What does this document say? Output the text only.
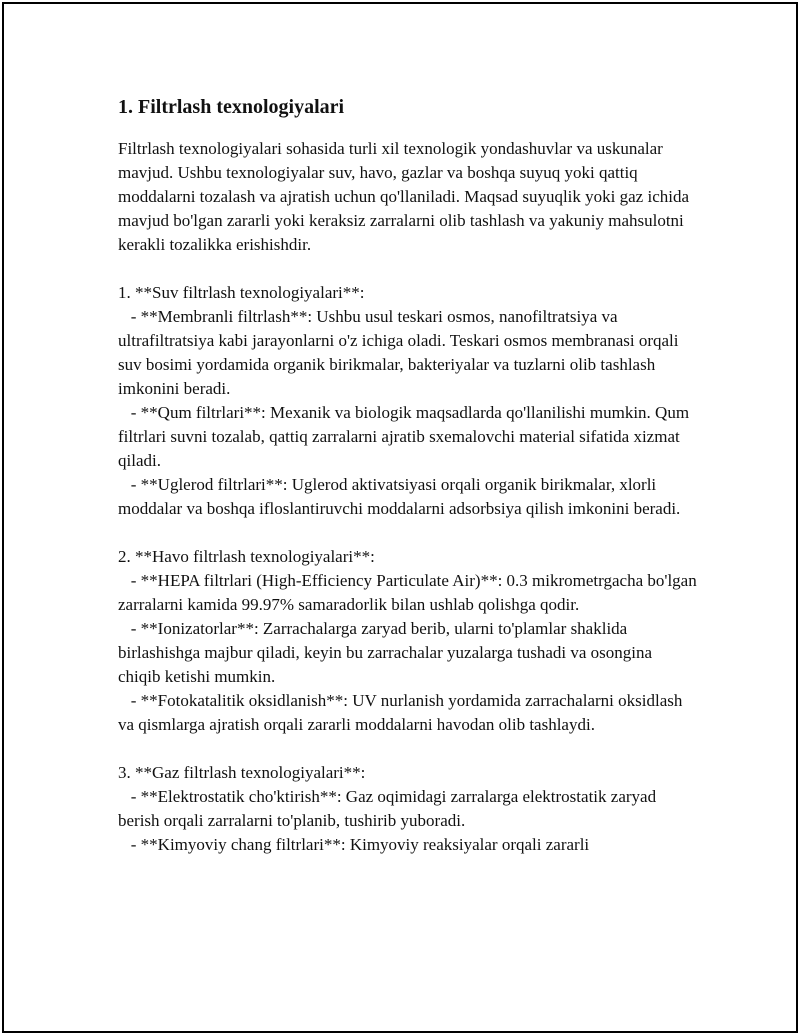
1. Filtrlash texnologiyalari

Filtrlash texnologiyalari sohasida turli xil texnologik yondashuvlar va uskunalar mavjud. Ushbu texnologiyalar suv, havo, gazlar va boshqa suyuq yoki qattiq moddalarni tozalash va ajratish uchun qo'llaniladi. Maqsad suyuqlik yoki gaz ichida mavjud bo'lgan zararli yoki keraksiz zarralarni olib tashlash va yakuniy mahsulotni kerakli tozalikka erishishdir.

1. **Suv filtrlash texnologiyalari**:

- **Membranli filtrlash**: Ushbu usul teskari osmos, nanofiltratsiya va ultrafiltratsiya kabi jarayonlarni o'z ichiga oladi. Teskari osmos membranasi orqali suv bosimi yordamida organik birikmalar, bakteriyalar va tuzlarni olib tashlash imkonini beradi.

- **Qum filtrlari**: Mexanik va biologik maqsadlarda qo'llanilishi mumkin. Qum filtrlari suvni tozalab, qattiq zarralarni ajratib sxemalovchi material sifatida xizmat qiladi.

- **Uglerod filtrlari**: Uglerod aktivatsiyasi orqali organik birikmalar, xlorli moddalar va boshqa ifloslantiruvchi moddalarni adsorbsiya qilish imkonini beradi.

2. **Havo filtrlash texnologiyalari**:

- **HEPA filtrlari (High-Efficiency Particulate Air)**: 0.3 mikrometrgacha bo'lgan zarralarni kamida 99.97% samaradorlik bilan ushlab qolishga qodir.

- **Ionizatorlar**: Zarrachalarga zaryad berib, ularni to'plamlar shaklida birlashishga majbur qiladi, keyin bu zarrachalar yuzalarga tushadi va osongina chiqib ketishi mumkin.

- **Fotokatalitik oksidlanish**: UV nurlanish yordamida zarrachalarni oksidlash va qismlarga ajratish orqali zararli moddalarni havodan olib tashlaydi.

3. **Gaz filtrlash texnologiyalari**:

- **Elektrostatik cho'ktirish**: Gaz oqimidagi zarralarga elektrostatik zaryad berish orqali zarralarni to'planib, tushirib yuboradi.

- **Kimyoviy chang filtrlari**: Kimyoviy reaksiyalar orqali zararli
